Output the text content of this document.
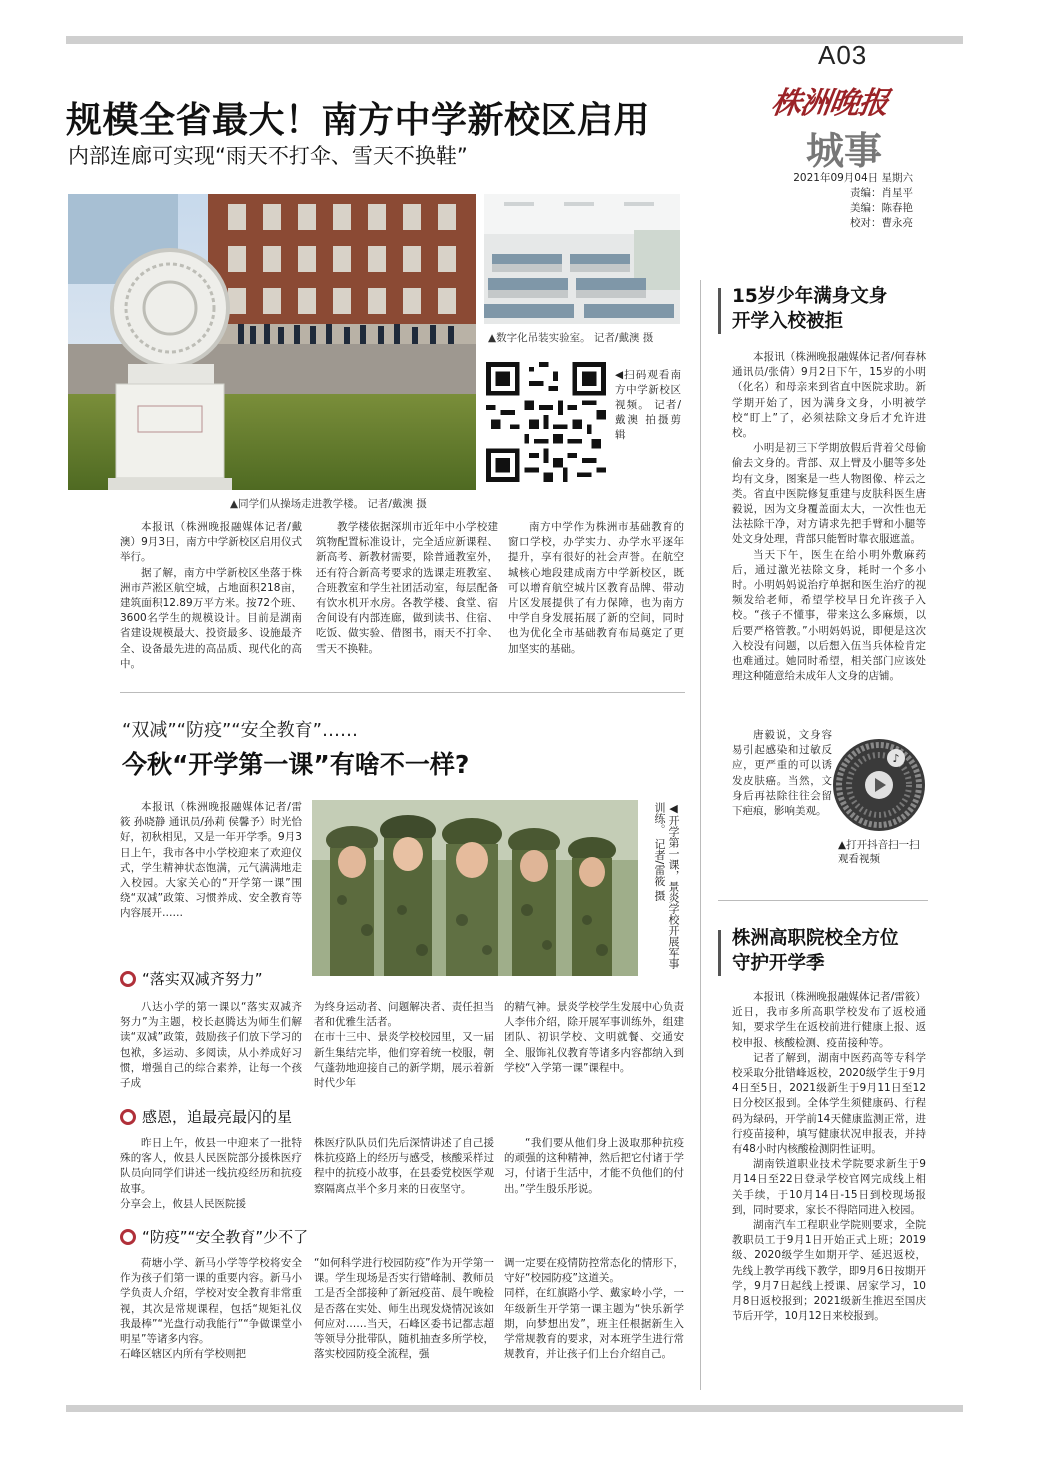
A03
株洲晚报
城事
2021年09月04日 星期六
责编：肖星平
美编：陈春艳
校对：曹永亮
规模全省最大！南方中学新校区启用
内部连廊可实现“雨天不打伞、雪天不换鞋”
▲同学们从操场走进教学楼。 记者/戴澳 摄
▲数字化吊装实验室。 记者/戴澳 摄
◀扫码观看南方中学新校区视频。 记者/戴澳 拍摄剪辑

本报讯（株洲晚报融媒体记者/戴澳）9月3日，南方中学新校区启用仪式举行。

据了解，南方中学新校区坐落于株洲市芦淞区航空城，占地面积218亩，建筑面积12.89万平方米。按72个班、3600名学生的规模设计。目前是湖南省建设规模最大、投资最多、设施最齐全、设备最先进的高品质、现代化的高中。

教学楼依据深圳市近年中小学校建筑物配置标准设计，完全适应新课程、新高考、新教材需要，除普通教室外，还有符合新高考要求的选课走班教室、合班教室和学生社团活动室，每层配备有饮水机开水房。各教学楼、食堂、宿舍间设有内部连廊，做到读书、住宿、吃饭、做实验、借图书，雨天不打伞、雪天不换鞋。

南方中学作为株洲市基础教育的窗口学校，办学实力、办学水平逐年提升，享有很好的社会声誉。在航空城核心地段建成南方中学新校区，既可以增育航空城片区教育品牌、带动片区发展提供了有力保障，也为南方中学自身发展拓展了新的空间，同时也为优化全市基础教育布局奠定了更加坚实的基础。

“双减”“防疫”“安全教育”……
今秋“开学第一课”有啥不一样?

本报讯（株洲晚报融媒体记者/雷筱 孙晓静 通讯员/孙莉 侯馨予）时光恰好，初秋相见，又是一年开学季。9月3日上午，我市各中小学校迎来了欢迎仪式，学生精神状态饱满，元气满满地走入校园。大家关心的“开学第一课”围绕“双减”政策、习惯养成、安全教育等内容展开……	◀开学第一课，景炎学校开展军事训练。 记者/雷筱 摄
“落实双减齐努力”

八达小学的第一课以“落实双减齐努力”为主题，校长赵腾达为师生们解读“双减”政策，鼓励孩子们放下学习的包袱，多运动、多阅读，从小养成好习惯，增强自己的综合素养，让每一个孩子成

为终身运动者、问题解决者、责任担当者和优雅生活者。
在市十三中、景炎学校校园里，又一届新生集结完毕，他们穿着统一校服，朝气蓬勃地迎接自己的新学期，展示着新时代少年

的精气神。景炎学校学生发展中心负责人李伟介绍，除开展军事训练外，组建团队、初识学校、文明就餐、交通安全、服饰礼仪教育等诸多内容都纳入到学校“入学第一课”课程中。

感恩，追最亮最闪的星

昨日上午，攸县一中迎来了一批特殊的客人，攸县人民医院部分援株医疗队员向同学们讲述一线抗疫经历和抗疫故事。
分享会上，攸县人民医院援

株医疗队队员们先后深情讲述了自己援株抗疫路上的经历与感受，核酸采样过程中的抗疫小故事，在县委党校医学观察隔离点半个多月来的日夜坚守。

“我们要从他们身上汲取那种抗疫的顽强的这种精神，然后把它付诸于学习，付诸于生活中，才能不负他们的付出。”学生殷乐彤说。

“防疫”“安全教育”少不了

荷塘小学、新马小学等学校将安全作为孩子们第一课的重要内容。新马小学负责人介绍，学校对安全教育非常重视，其次是常规课程，包括“规矩礼仪我最棒”“光盘行动我能行”“争做课堂小明星”等诸多内容。
石峰区辖区内所有学校则把

“如何科学进行校园防疫”作为开学第一课。学生现场是否实行错峰制、教师员工是否全部接种了新冠疫苗、晨午晚检是否落在实处、师生出现发烧情况该如何应对……当天，石峰区委书记都志超等领导分批带队，随机抽查多所学校，落实校园防疫全流程，强

调一定要在疫情防控常态化的情形下，守好“校园防疫”这道关。
同样，在红旗路小学、戴家岭小学，一年级新生开学第一课主题为“快乐新学期，向梦想出发”，班主任根据新生入学常规教育的要求，对本班学生进行常规教育，并让孩子们上台介绍自己。

15岁少年满身文身
开学入校被拒

本报讯（株洲晚报融媒体记者/何春林 通讯员/张倩）9月2日下午，15岁的小明（化名）和母亲来到省直中医院求助。新学期开始了，因为满身文身，小明被学校“盯上”了，必须祛除文身后才允许进校。

小明是初三下学期放假后背着父母偷偷去文身的。背部、双上臂及小腿等多处均有文身，图案是一些人物图像、梓云之类。省直中医院修复重建与皮肤科医生唐毅说，因为文身覆盖面太大，一次性也无法祛除干净，对方请求先把手臂和小腿等处文身处理，背部只能暂时靠衣服遮盖。

当天下午，医生在给小明外敷麻药后，通过激光祛除文身，耗时一个多小时。小明妈妈说治疗单据和医生治疗的视频发给老师，希望学校早日允许孩子入校。“孩子不懂事，带来这么多麻烦，以后要严格管教。”小明妈妈说，即便是这次入校没有问题，以后想入伍当兵体检肯定也难通过。她同时希望，相关部门应该处理这种随意给未成年人文身的店铺。

唐毅说，文身容易引起感染和过敏反应，更严重的可以诱发皮肤癌。当然，文身后再祛除往往会留下疤痕，影响美观。

♪
▲打开抖音扫一扫观看视频
株洲高职院校全方位
守护开学季

本报讯（株洲晚报融媒体记者/雷筱）近日，我市多所高职学校发布了返校通知，要求学生在返校前进行健康上报、返校申报、核酸检测、疫苗接种等。

记者了解到，湖南中医药高等专科学校采取分批错峰返校，2020级学生于9月4日至5日，2021级新生于9月11日至12日分校区报到。全体学生须健康码、行程码为绿码，开学前14天健康监测正常，进行疫苗接种，填写健康状况申报表，并持有48小时内核酸检测阴性证明。

湖南铁道职业技术学院要求新生于9月14日至22日登录学校官网完成线上相关手续，于10月14日-15日到校现场报到，同时要求，家长不得陪同进入校园。

湖南汽车工程职业学院则要求，全院教职员工于9月1日开始正式上班；2019级、2020级学生如期开学、延迟返校，先线上教学再线下教学，即9月6日按期开学，9月7日起线上授课、居家学习，10月8日返校报到；2021级新生推迟至国庆节后开学，10月12日来校报到。
